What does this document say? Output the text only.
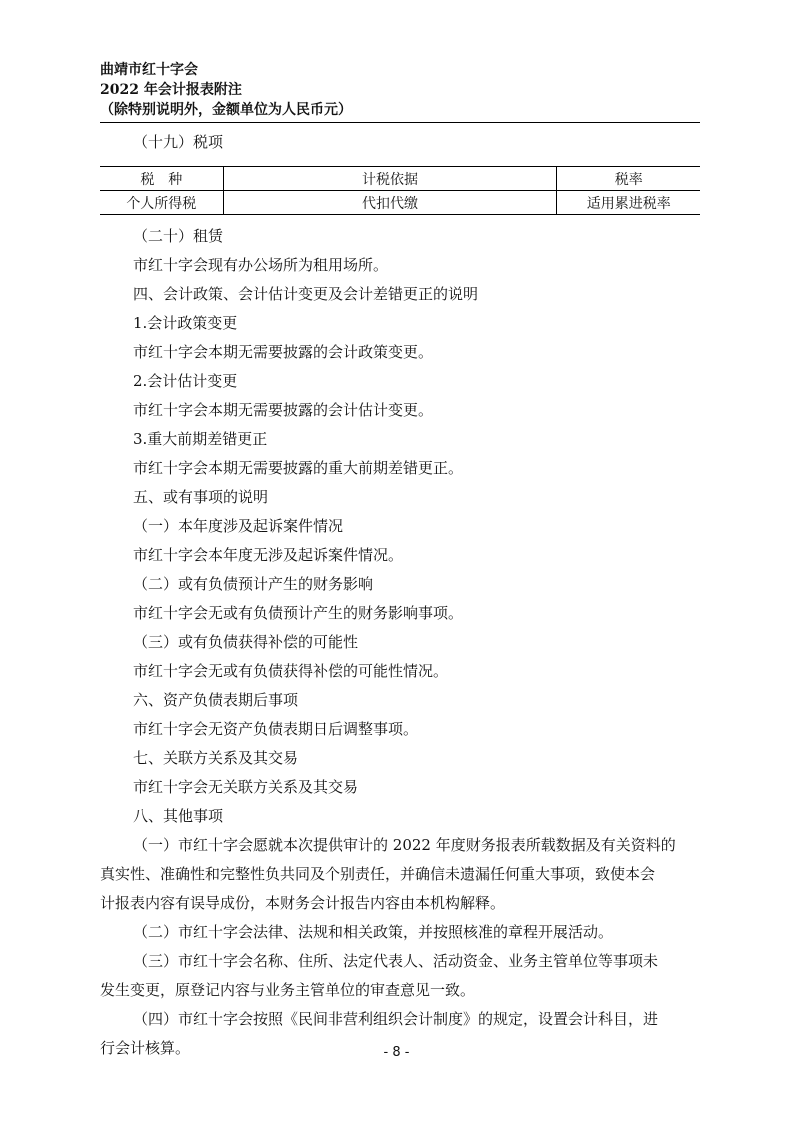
曲靖市红十字会
2022 年会计报表附注
（除特别说明外，金额单位为人民币元）
（十九）税项
税　种	计税依据	税率
个人所得税	代扣代缴	适用累进税率
（二十）租赁
市红十字会现有办公场所为租用场所。
四、会计政策、会计估计变更及会计差错更正的说明
1.会计政策变更
市红十字会本期无需要披露的会计政策变更。
2.会计估计变更
市红十字会本期无需要披露的会计估计变更。
3.重大前期差错更正
市红十字会本期无需要披露的重大前期差错更正。
五、或有事项的说明
（一）本年度涉及起诉案件情况
市红十字会本年度无涉及起诉案件情况。
（二）或有负债预计产生的财务影响
市红十字会无或有负债预计产生的财务影响事项。
（三）或有负债获得补偿的可能性
市红十字会无或有负债获得补偿的可能性情况。
六、资产负债表期后事项
市红十字会无资产负债表期日后调整事项。
七、关联方关系及其交易
市红十字会无关联方关系及其交易
八、其他事项
（一）市红十字会愿就本次提供审计的 2022 年度财务报表所载数据及有关资料的
真实性、准确性和完整性负共同及个别责任，并确信未遗漏任何重大事项，致使本会
计报表内容有误导成份，本财务会计报告内容由本机构解释。
（二）市红十字会法律、法规和相关政策，并按照核准的章程开展活动。
（三）市红十字会名称、住所、法定代表人、活动资金、业务主管单位等事项未
发生变更，原登记内容与业务主管单位的审查意见一致。
（四）市红十字会按照《民间非营利组织会计制度》的规定，设置会计科目，进
行会计核算。	- 8 -
